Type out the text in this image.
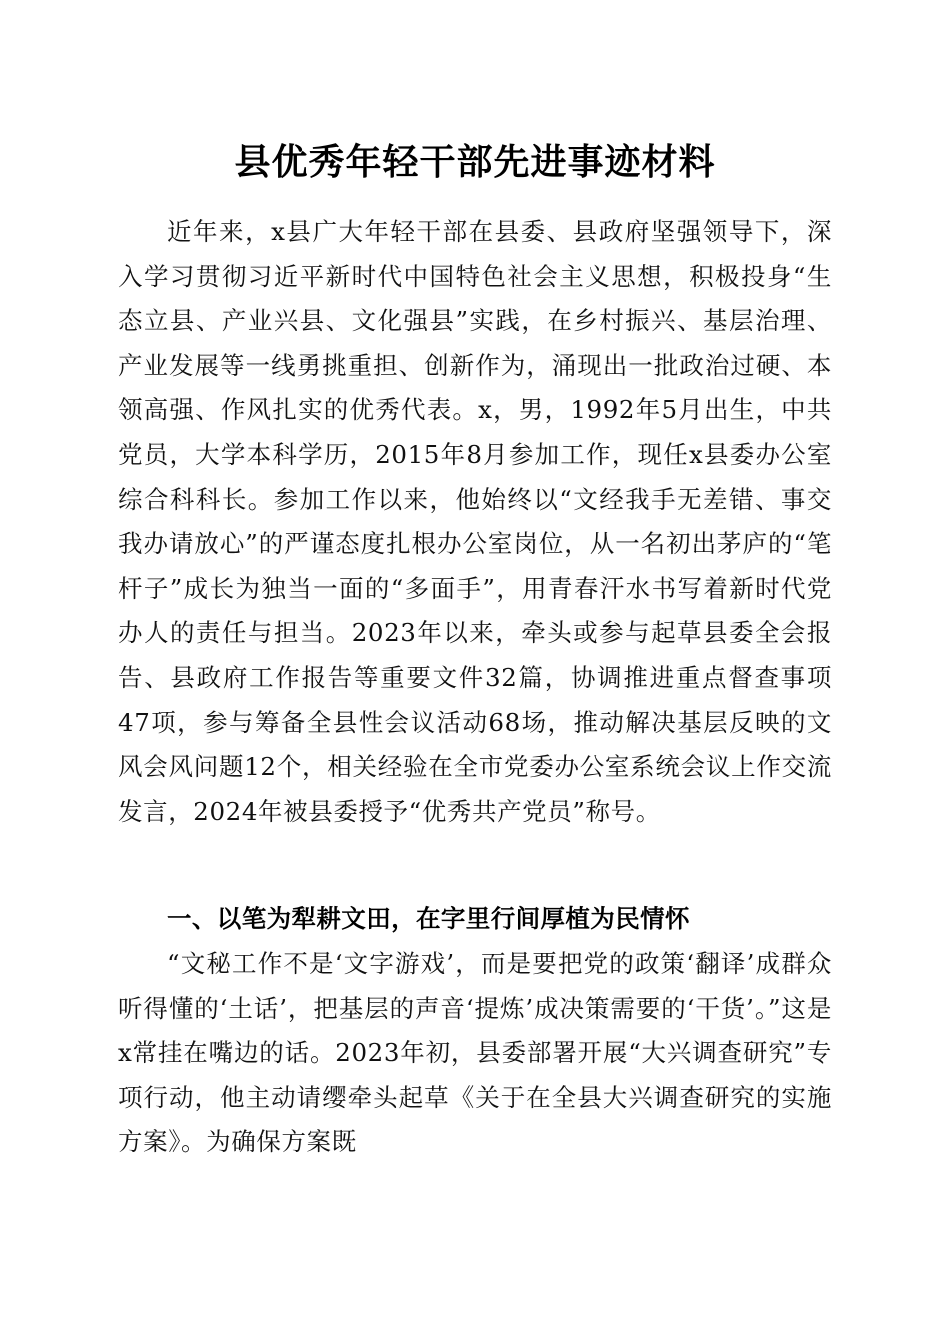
县优秀年轻干部先进事迹材料
近年来，x县广大年轻干部在县委、县政府坚强领导下，深入学习贯彻习近平新时代中国特色社会主义思想，积极投身“生态立县、产业兴县、文化强县”实践，在乡村振兴、基层治理、产业发展等一线勇挑重担、创新作为，涌现出一批政治过硬、本领高强、作风扎实的优秀代表。x，男，1992年5月出生，中共党员，大学本科学历，2015年8月参加工作，现任x县委办公室综合科科长。参加工作以来，他始终以“文经我手无差错、事交我办请放心”的严谨态度扎根办公室岗位，从一名初出茅庐的“笔杆子”成长为独当一面的“多面手”，用青春汗水书写着新时代党办人的责任与担当。2023年以来，牵头或参与起草县委全会报告、县政府工作报告等重要文件32篇，协调推进重点督查事项47项，参与筹备全县性会议活动68场，推动解决基层反映的文风会风问题12个，相关经验在全市党委办公室系统会议上作交流发言，2024年被县委授予“优秀共产党员”称号。
一、以笔为犁耕文田，在字里行间厚植为民情怀
“文秘工作不是‘文字游戏’，而是要把党的政策‘翻译’成群众听得懂的‘土话’，把基层的声音‘提炼’成决策需要的‘干货’。”这是x常挂在嘴边的话。2023年初，县委部署开展“大兴调查研究”专项行动，他主动请缨牵头起草《关于在全县大兴调查研究的实施方案》。为确保方案既
